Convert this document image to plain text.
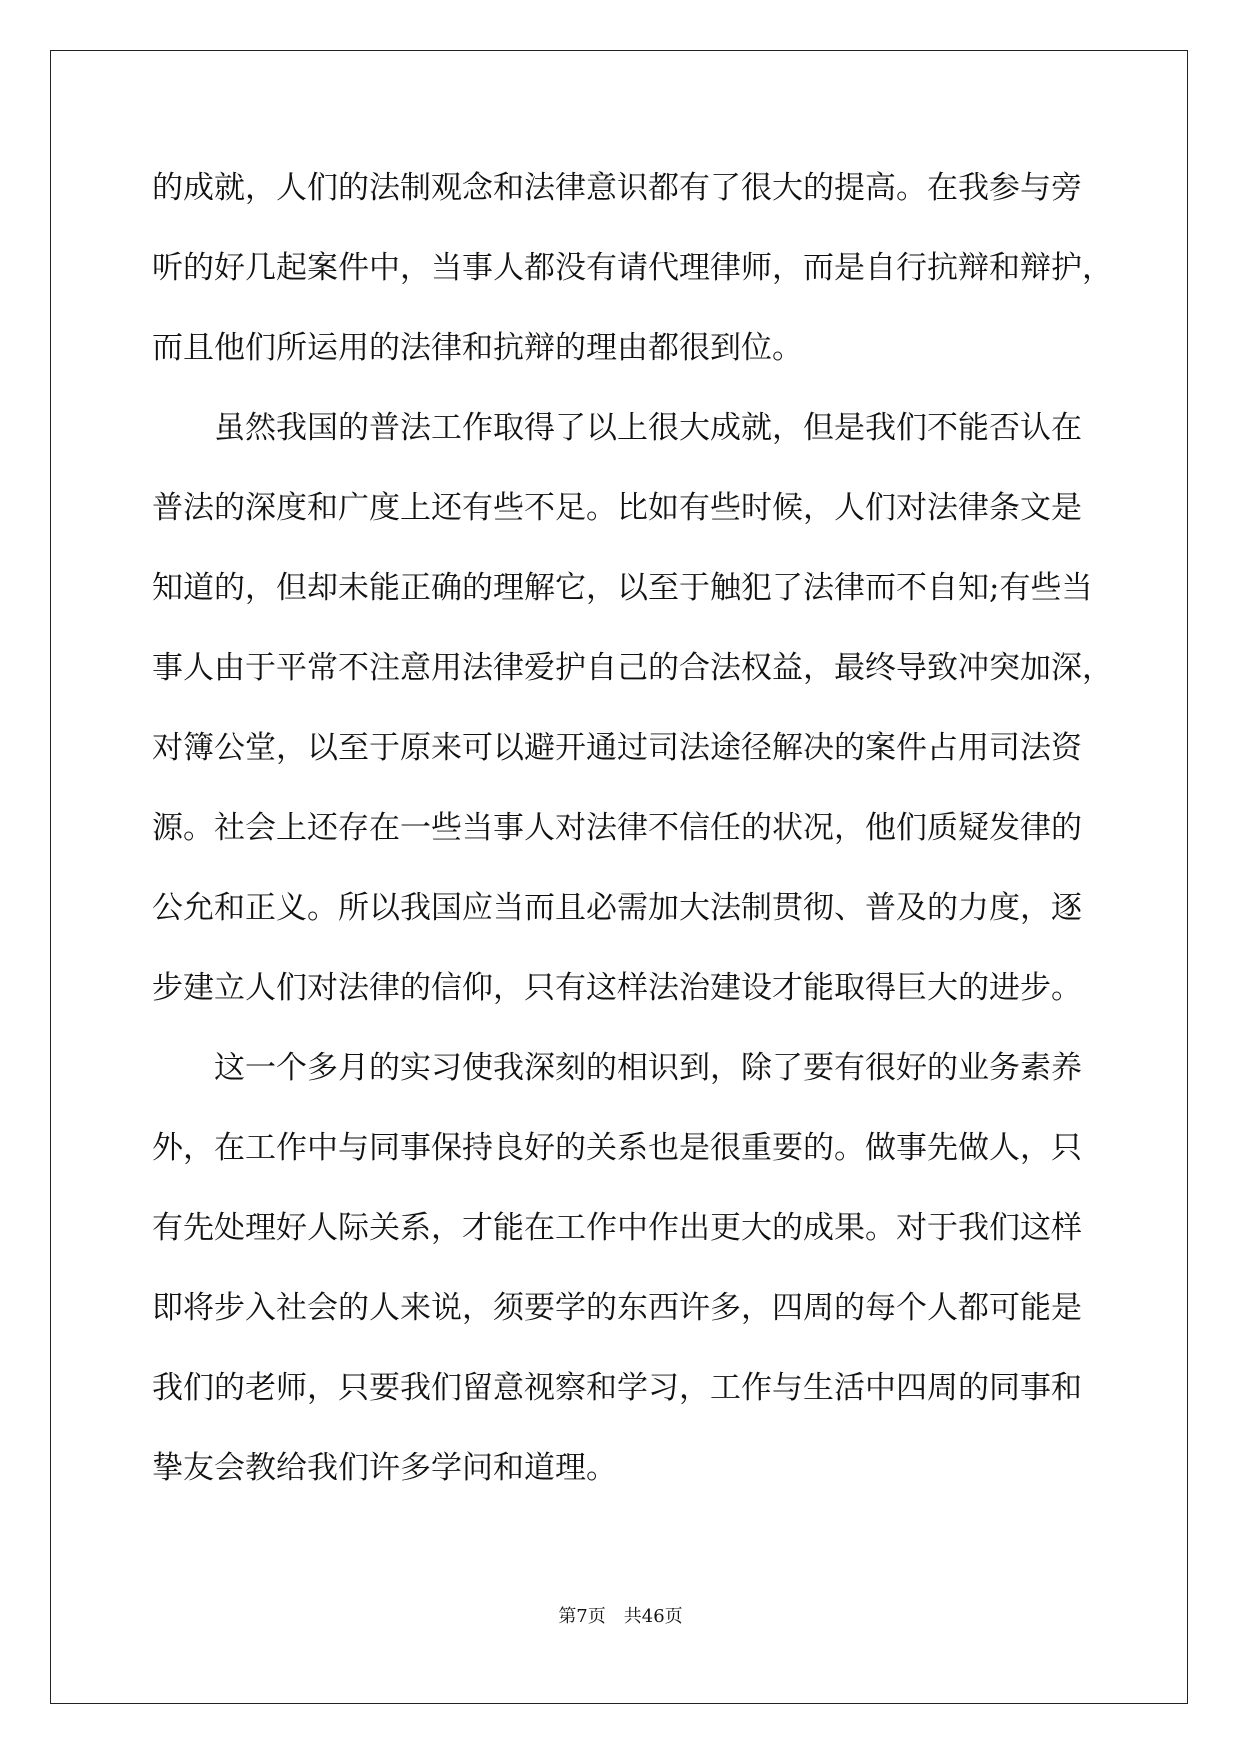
的成就，人们的法制观念和法律意识都有了很大的提高。在我参与旁
听的好几起案件中，当事人都没有请代理律师，而是自行抗辩和辩护，
而且他们所运用的法律和抗辩的理由都很到位。
虽然我国的普法工作取得了以上很大成就，但是我们不能否认在
普法的深度和广度上还有些不足。比如有些时候，人们对法律条文是
知道的，但却未能正确的理解它，以至于触犯了法律而不自知;有些当
事人由于平常不注意用法律爱护自己的合法权益，最终导致冲突加深，
对簿公堂，以至于原来可以避开通过司法途径解决的案件占用司法资
源。社会上还存在一些当事人对法律不信任的状况，他们质疑发律的
公允和正义。所以我国应当而且必需加大法制贯彻、普及的力度，逐
步建立人们对法律的信仰，只有这样法治建设才能取得巨大的进步。
这一个多月的实习使我深刻的相识到，除了要有很好的业务素养
外，在工作中与同事保持良好的关系也是很重要的。做事先做人，只
有先处理好人际关系，才能在工作中作出更大的成果。对于我们这样
即将步入社会的人来说，须要学的东西许多，四周的每个人都可能是
我们的老师，只要我们留意视察和学习，工作与生活中四周的同事和
挚友会教给我们许多学问和道理。
第7页　共46页
